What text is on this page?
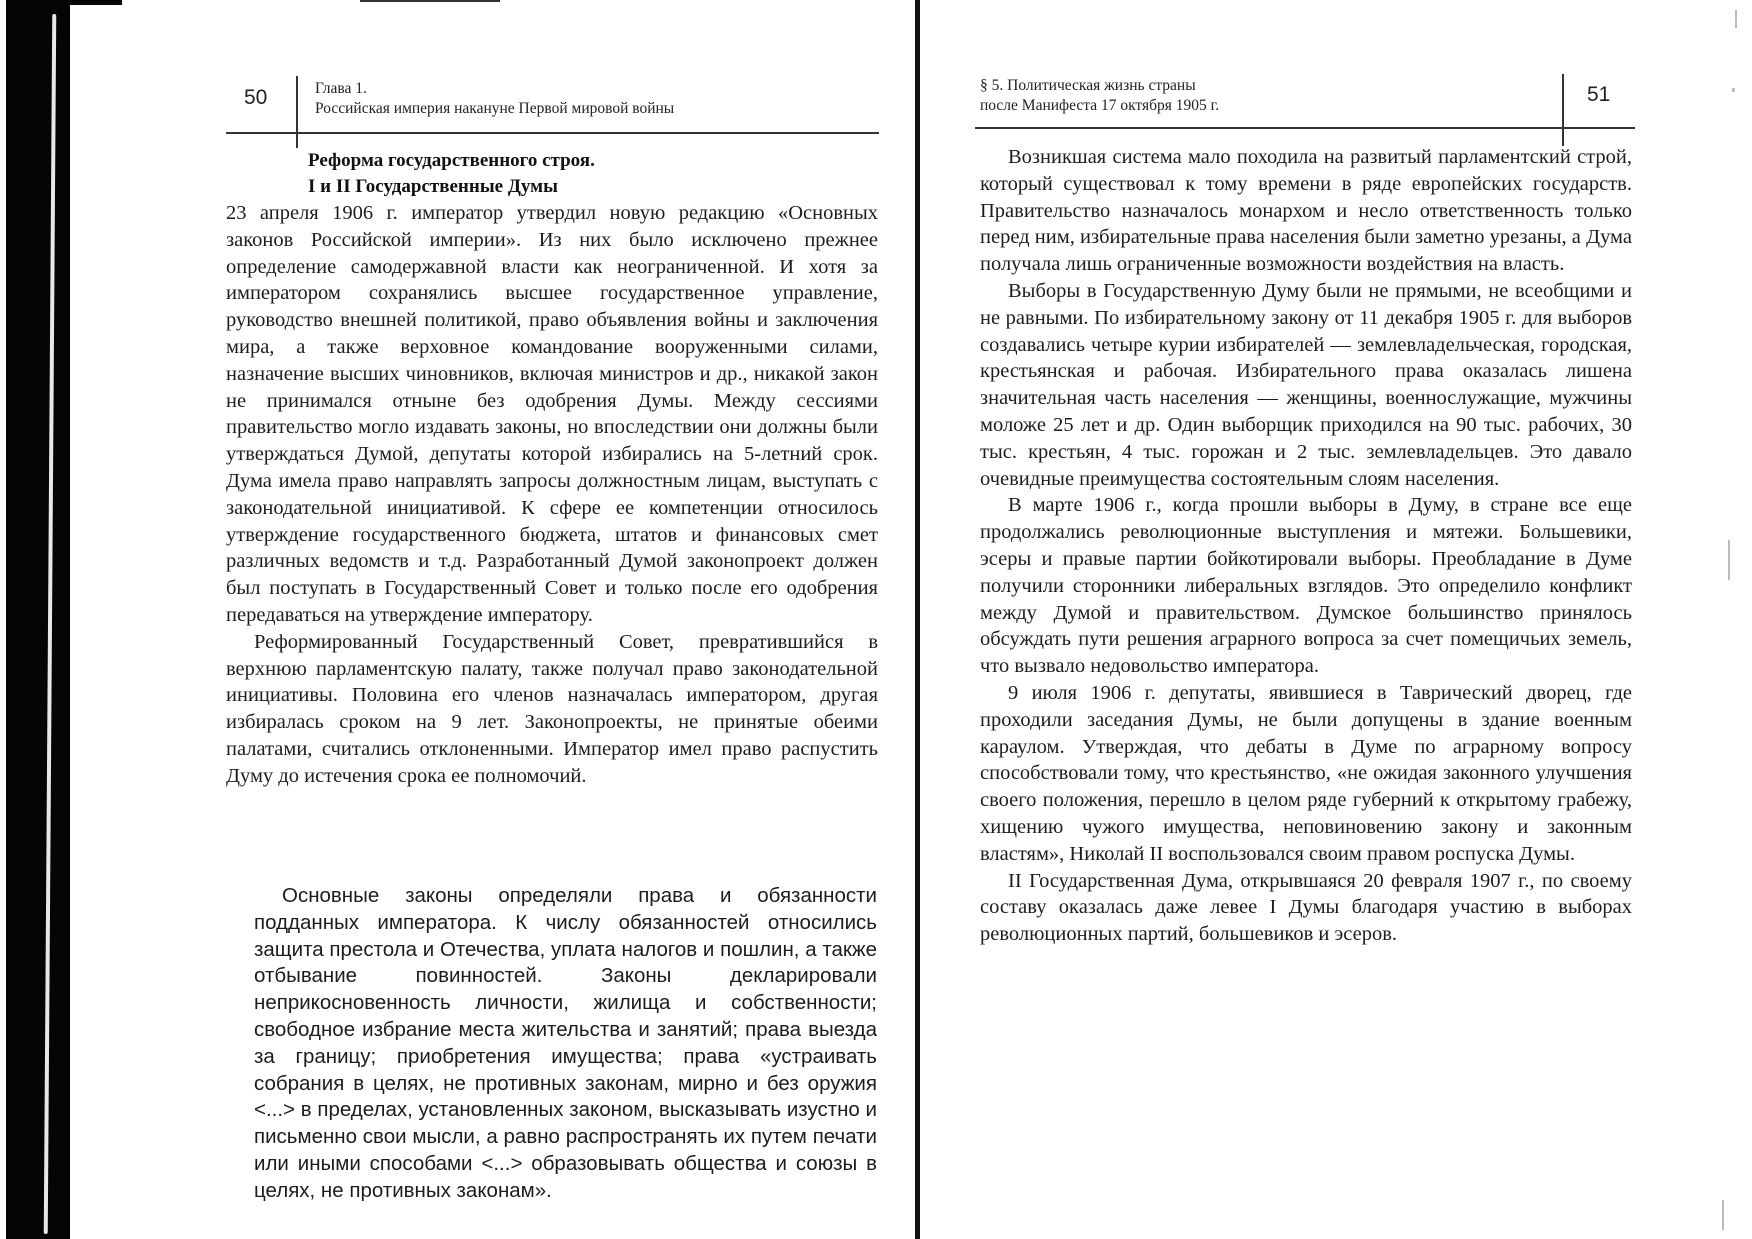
50	Глава 1.
Российская империя накануне Первой мировой войны
Реформа государственного строя.
I и II Государственные Думы

23 апреля 1906 г. император утвердил новую редакцию «Основных законов Российской империи». Из них было исключено прежнее определение самодержавной власти как неограниченной. И хотя за императором сохранялись высшее государственное управление, руководство внешней политикой, право объявления войны и заключения мира, а также верховное командование вооруженными силами, назначение высших чиновников, включая министров и др., никакой закон не принимался отныне без одобрения Думы. Между сессиями правительство могло издавать законы, но впоследствии они должны были утверждаться Думой, депутаты которой избирались на 5-летний срок. Дума имела право направлять запросы должностным лицам, выступать с законодательной инициативой. К сфере ее компетенции относилось утверждение государственного бюджета, штатов и финансовых смет различных ведомств и т.д. Разработанный Думой законопроект должен был поступать в Государственный Совет и только после его одобрения передаваться на утверждение императору.

Реформированный Государственный Совет, превратившийся в верхнюю парламентскую палату, также получал право законодательной инициативы. Половина его членов назначалась императором, другая избиралась сроком на 9 лет. Законопроекты, не принятые обеими палатами, считались отклоненными. Император имел право распустить Думу до истечения срока ее полномочий.

Основные законы определяли права и обязанности подданных императора. К числу обязанностей относились защита престола и Отечества, уплата налогов и пошлин, а также отбывание повинностей. Законы декларировали неприкосновенность личности, жилища и собственности; свободное избрание места жительства и занятий; права выезда за границу; приобретения имущества; права «устраивать собрания в целях, не противных законам, мирно и без оружия <...> в пределах, установленных законом, высказывать изустно и письменно свои мысли, а равно распространять их путем печати или иными способами <...> образовывать общества и союзы в целях, не противных законам».

§ 5. Политическая жизнь страны
после Манифеста 17 октября 1905 г.	51

Возникшая система мало походила на развитый парламентский строй, который существовал к тому времени в ряде европейских государств. Правительство назначалось монархом и несло ответственность только перед ним, избирательные права населения были заметно урезаны, а Дума получала лишь ограниченные возможности воздействия на власть.

Выборы в Государственную Думу были не прямыми, не всеобщими и не равными. По избирательному закону от 11 декабря 1905 г. для выборов создавались четыре курии избирателей — землевладельческая, городская, крестьянская и рабочая. Избирательного права оказалась лишена значительная часть населения — женщины, военнослужащие, мужчины моложе 25 лет и др. Один выборщик приходился на 90 тыс. рабочих, 30 тыс. крестьян, 4 тыс. горожан и 2 тыс. землевладельцев. Это давало очевидные преимущества состоятельным слоям населения.

В марте 1906 г., когда прошли выборы в Думу, в стране все еще продолжались революционные выступления и мятежи. Большевики, эсеры и правые партии бойкотировали выборы. Преобладание в Думе получили сторонники либеральных взглядов. Это определило конфликт между Думой и правительством. Думское большинство принялось обсуждать пути решения аграрного вопроса за счет помещичьих земель, что вызвало недовольство императора.

9 июля 1906 г. депутаты, явившиеся в Таврический дворец, где проходили заседания Думы, не были допущены в здание военным караулом. Утверждая, что дебаты в Думе по аграрному вопросу способствовали тому, что крестьянство, «не ожидая законного улучшения своего положения, перешло в целом ряде губерний к открытому грабежу, хищению чужого имущества, неповиновению закону и законным властям», Николай II воспользовался своим правом роспуска Думы.

II Государственная Дума, открывшаяся 20 февраля 1907 г., по своему составу оказалась даже левее I Думы благодаря участию в выборах революционных партий, большевиков и эсеров.
